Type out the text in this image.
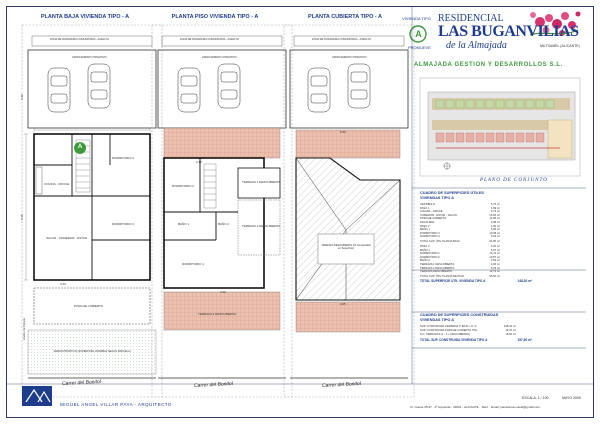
PLANTA BAJA VIVIENDA TIPO - A	PLANTA PISO VIVIENDA TIPO - A	PLANTA CUBIERTA TIPO - A
ZONA DE RODADURA COMUNITARIA - ASFALTO
APARCAMIENTO PRIVATIVO
DORMITORIO 4
COCINA - OFFICE
SALON - COMEDOR - ESTAR
DORMITORIO 3
PORCHE CUBIERTO
JARDIN PRIVATIVO (SUPERFICIE VARIABLE SEGUN PARCELA)
A
6.00
5.45
4.20
Lindero de Parcela
ZONA DE RODADURA COMUNITARIA - ASFALTO
APARCAMIENTO PRIVATIVO
DORMITORIO 2
TERRAZA 1 DESCUBIERTA
BAÑO 1	BAÑO 2
DORMITORIO 1
TERRAZA 2 DESCUBIERTA
TERRAZA 2 DESCUBIERTA
2.15
4.10
ZONA DE RODADURA COMUNITARIA - ASFALTO
APARCAMIENTO PRIVATIVO
TERRAZA DESCUBIERTA (Ni Computable en Superficie)
3.05
5.50
Carrer del Bonitol	Carrer del Bonitol	Carrer del Bonitol
VIVIENDA TIPO
A
PROMUEVE
RESIDENCIAL
LAS BUGANVILIAS
de la Almajada	MUTXAMEL (ALICANTE)
ALMAJADA GESTION Y DESARROLLOS S.L.
PLANO DE CONJUNTO
CUADRO DE SUPERFICIES ÚTILES
VIVIENDAS TIPO A
VESTIBULO	5,70 m²
PASO 1	1,99 m²
COCINA - OFFICE	9,73 m²
COMEDOR - ESTAR - SALON	23,60 m²
PORCHE CUBIERTO	14,83 m²
ESCALERA	2,68 m²
PASO 2	1,30 m²
BAÑO 1	4,96 m²
DORMITORIO 3	10,68 m²
DORMITORIO 4	9,94 m²
TOTAL SUP. ÚTIL PLANTA BAJA	91,80 m²
PASO 3	3,20 m²
BAÑO 1	5,07 m²
DORMITORIO 1	14,73 m²
DORMITORIO 2	10,87 m²
BAÑO 2	3,59 m²
TERRAZA 1 DESCUBIERTA	4,96 m²
TERRAZA 2 DESCUBIERTA	6,29 m²
TERRAZA DESCUBIERTA	12,74 m²
TOTAL SUP. ÚTIL PLANTA DE PISO	56,50 m²
TOTAL SUPERFICIE ÚTIL VIVIENDA TIPO A	148,30 m²
CUADRO DE SUPERFICIES CONSTRUIDAS
VIVIENDAS TIPO A
SUP. CONSTRUIDA CERRADA P. BAJA + P. 1ª	128,34 m²
SUP. CONSTRUIDA PORCHE CUBIERTO 75%	10,76 m²
S.C. TERRAZAS (1 - 2 + DESCUBIERTA)	18,50 m²
TOTAL SUP. CONSTRUIDA VIVIENDA TIPO A	157,60 m²
MIGUEL ANGEL VILLAR PAYA - ARQUITECTO	C/. Nueva 35-37 · 4º Izquierda · 03001 - ALICANTE · Teléf. · Email: juanarteria.maval@gmail.com
ESCALA: 1 / 100	MAYO 2005
